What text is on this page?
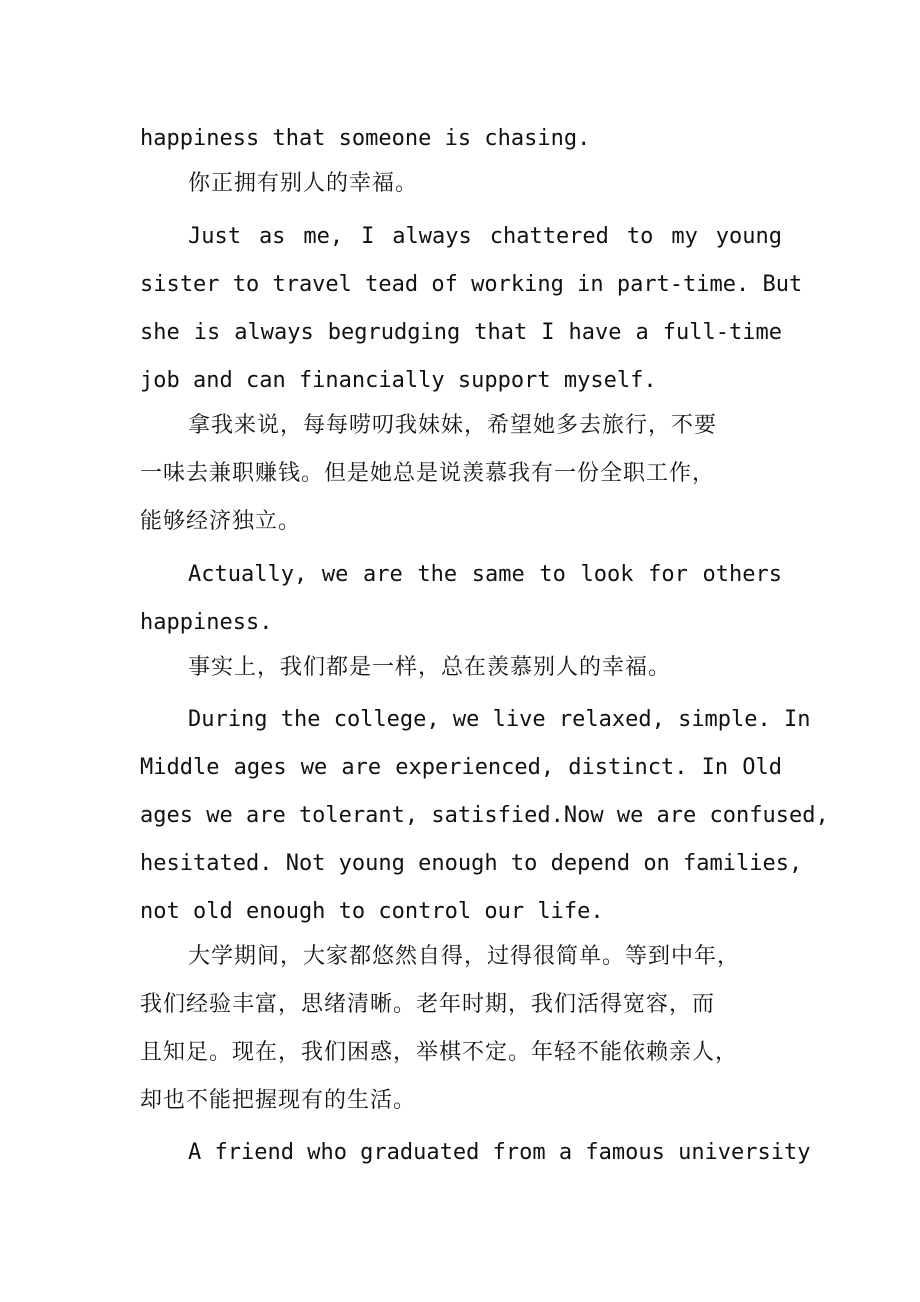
happiness that someone is chasing.
你正拥有别人的幸福。
Just as me, I always chattered to my young
sister to travel tead of working in part-time. But
she is always begrudging that I have a full-time
job and can financially support myself.
拿我来说，每每唠叨我妹妹，希望她多去旅行，不要
一味去兼职赚钱。但是她总是说羡慕我有一份全职工作，
能够经济独立。
Actually, we are the same to look for others
happiness.
事实上，我们都是一样，总在羡慕别人的幸福。
During the college, we live relaxed, simple. In
Middle ages we are experienced, distinct. In Old
ages we are tolerant, satisfied.Now we are confused,
hesitated. Not young enough to depend on families,
not old enough to control our life.
大学期间，大家都悠然自得，过得很简单。等到中年，
我们经验丰富，思绪清晰。老年时期，我们活得宽容，而
且知足。现在，我们困惑，举棋不定。年轻不能依赖亲人，
却也不能把握现有的生活。
A friend who graduated from a famous university
